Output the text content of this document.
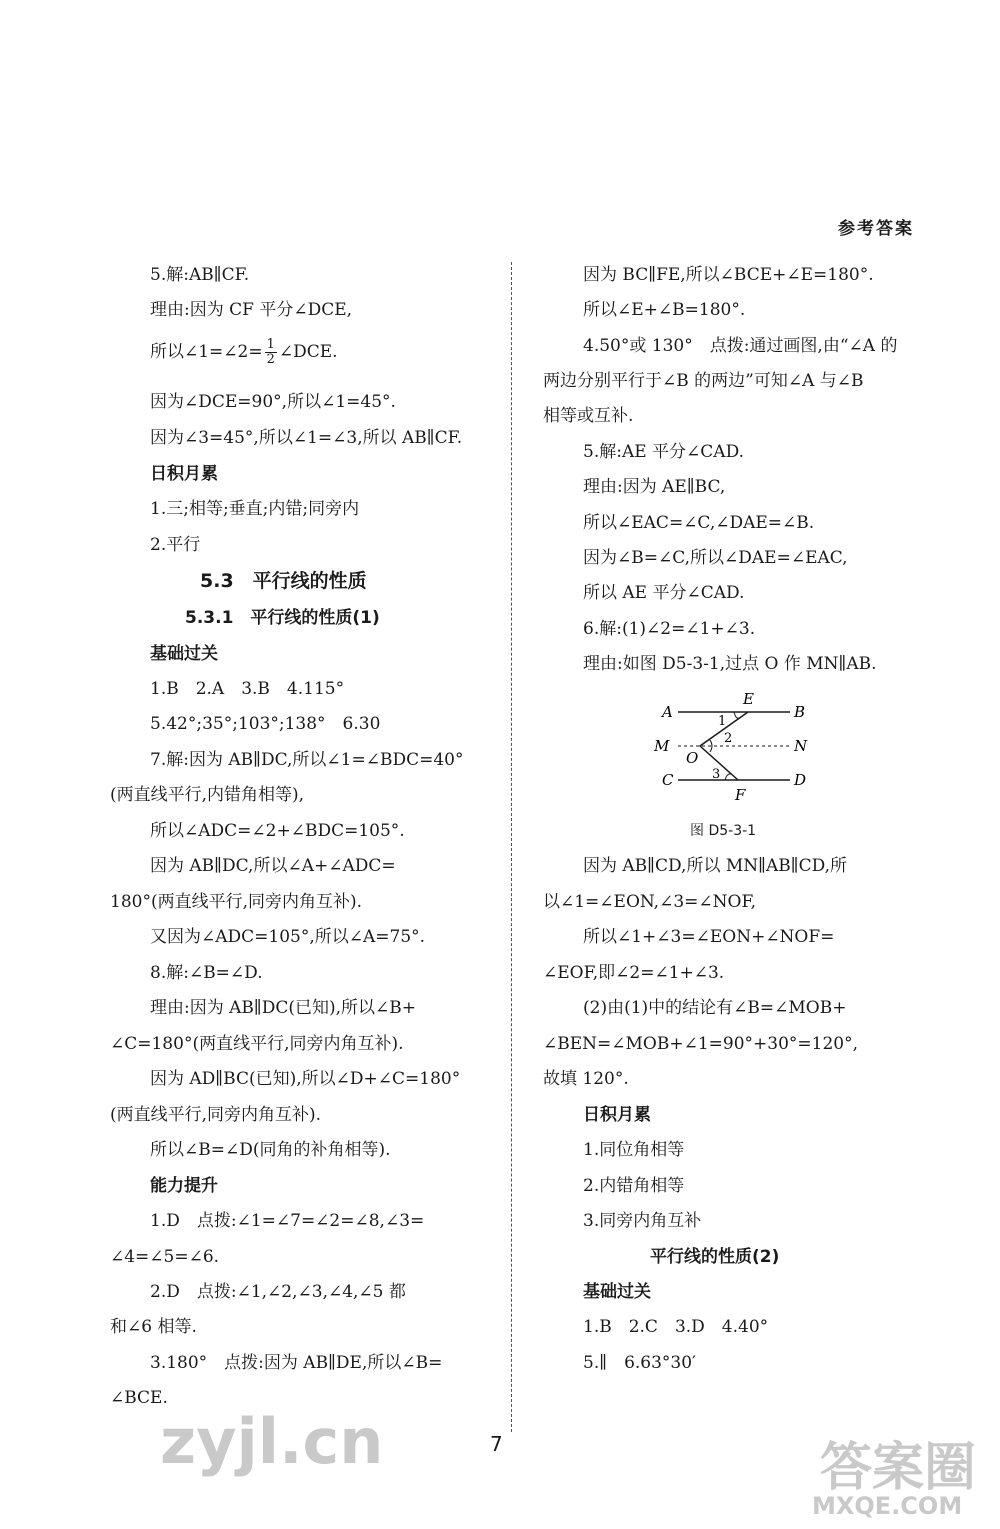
参考答案
5.解:AB∥CF.
理由:因为 CF 平分∠DCE,
所以∠1=∠2= $\frac{1}{2}$ ∠DCE.
因为∠DCE=90°,所以∠1=45°.
因为∠3=45°,所以∠1=∠3,所以 AB∥CF.
日积月累
1.三;相等;垂直;内错;同旁内
2.平行
5.3　平行线的性质
5.3.1　平行线的性质(1)
基础过关
1.B　2.A　3.B　4.115°
5.42°;35°;103°;138°　6.30
7.解:因为 AB∥DC,所以∠1=∠BDC=40°
(两直线平行,内错角相等),
所以∠ADC=∠2+∠BDC=105°.
因为 AB∥DC,所以∠A+∠ADC=
180°(两直线平行,同旁内角互补).
又因为∠ADC=105°,所以∠A=75°.
8.解:∠B=∠D.
理由:因为 AB∥DC(已知),所以∠B+
∠C=180°(两直线平行,同旁内角互补).
因为 AD∥BC(已知),所以∠D+∠C=180°
(两直线平行,同旁内角互补).
所以∠B=∠D(同角的补角相等).
能力提升
1.D　点拨:∠1=∠7=∠2=∠8,∠3=
∠4=∠5=∠6.
2.D　点拨:∠1,∠2,∠3,∠4,∠5 都
和∠6 相等.
3.180°　点拨:因为 AB∥DE,所以∠B=
∠BCE.
因为 BC∥FE,所以∠BCE+∠E=180°.
所以∠E+∠B=180°.
4.50°或 130°　点拨:通过画图,由“∠A 的
两边分别平行于∠B 的两边”可知∠A 与∠B
相等或互补.
5.解:AE 平分∠CAD.
理由:因为 AE∥BC,
所以∠EAC=∠C,∠DAE=∠B.
因为∠B=∠C,所以∠DAE=∠EAC,
所以 AE 平分∠CAD.
6.解:(1)∠2=∠1+∠3.
理由:如图 D5-3-1,过点 O 作 MN∥AB.
A	B
E
M	N
O
C	D
F
1
2
3
图 D5-3-1
因为 AB∥CD,所以 MN∥AB∥CD,所
以∠1=∠EON,∠3=∠NOF,
所以∠1+∠3=∠EON+∠NOF=
∠EOF,即∠2=∠1+∠3.
(2)由(1)中的结论有∠B=∠MOB+
∠BEN=∠MOB+∠1=90°+30°=120°,
故填 120°.
日积月累
1.同位角相等
2.内错角相等
3.同旁内角互补
平行线的性质(2)
基础过关
1.B　2.C　3.D　4.40°
5.∥　6.63°30′
7
zyjl.cn	答案圈
MXQE.COM
